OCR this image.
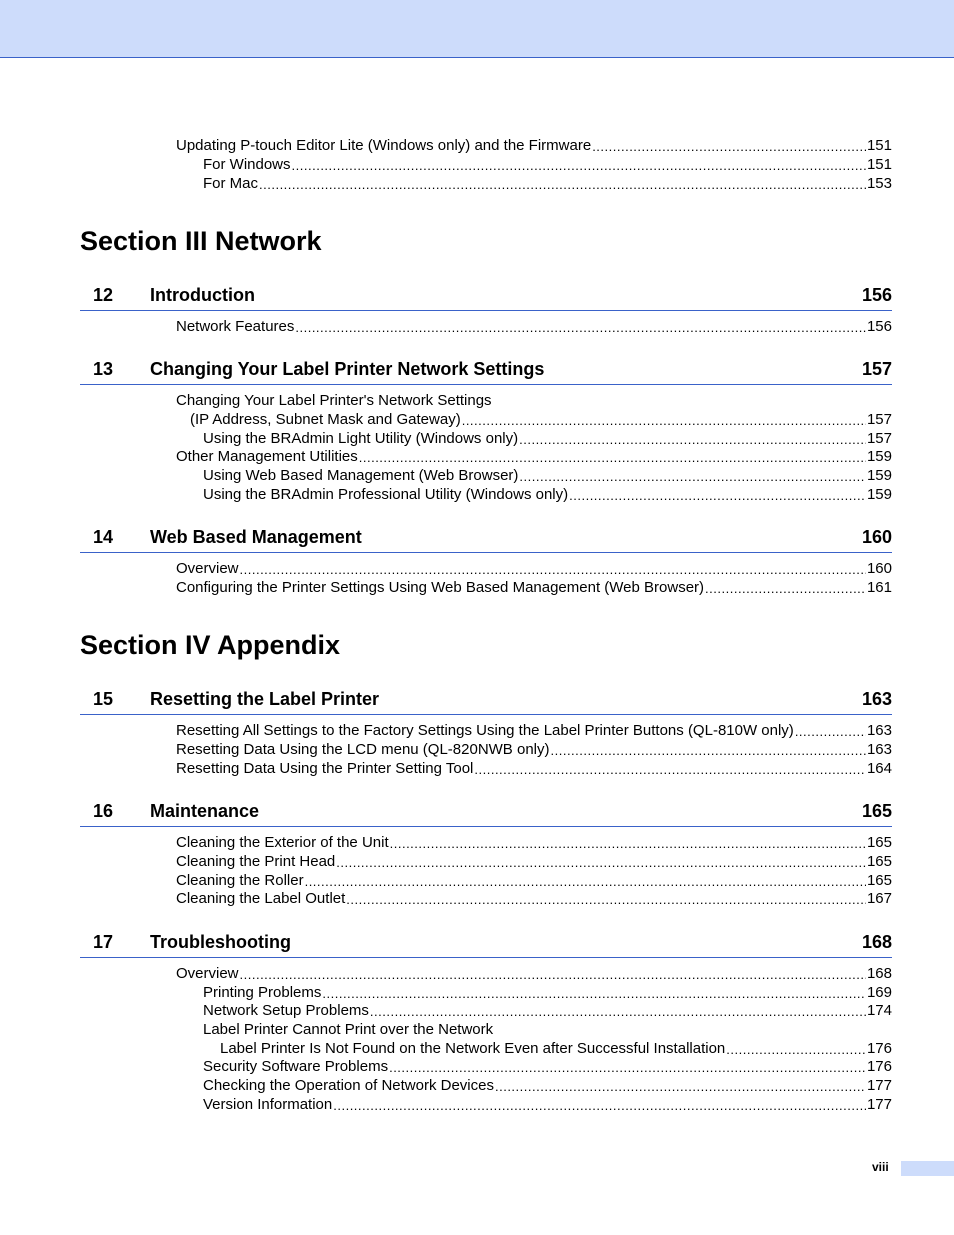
Updating P-touch Editor Lite (Windows only) and the Firmware .....	151
For Windows .....	151
For Mac .....	153
Section III Network
12 Introduction	156
Network Features .....	156
13 Changing Your Label Printer Network Settings	157
Changing Your Label Printer's Network Settings
(IP Address, Subnet Mask and Gateway) .....	157
Using the BRAdmin Light Utility (Windows only) .....	157
Other Management Utilities .....	159
Using Web Based Management (Web Browser) .....	159
Using the BRAdmin Professional Utility (Windows only) .....	159
14 Web Based Management	160
Overview .....	160
Configuring the Printer Settings Using Web Based Management (Web Browser) .....	161
Section IV Appendix
15 Resetting the Label Printer	163
Resetting All Settings to the Factory Settings Using the Label Printer Buttons (QL-810W only) .....	163
Resetting Data Using the LCD menu (QL-820NWB only) .....	163
Resetting Data Using the Printer Setting Tool .....	164
16 Maintenance	165
Cleaning the Exterior of the Unit .....	165
Cleaning the Print Head .....	165
Cleaning the Roller .....	165
Cleaning the Label Outlet .....	167
17 Troubleshooting	168
Overview .....	168
Printing Problems .....	169
Network Setup Problems .....	174
Label Printer Cannot Print over the Network
Label Printer Is Not Found on the Network Even after Successful Installation .....	176
Security Software Problems .....	176
Checking the Operation of Network Devices .....	177
Version Information .....	177
viii
